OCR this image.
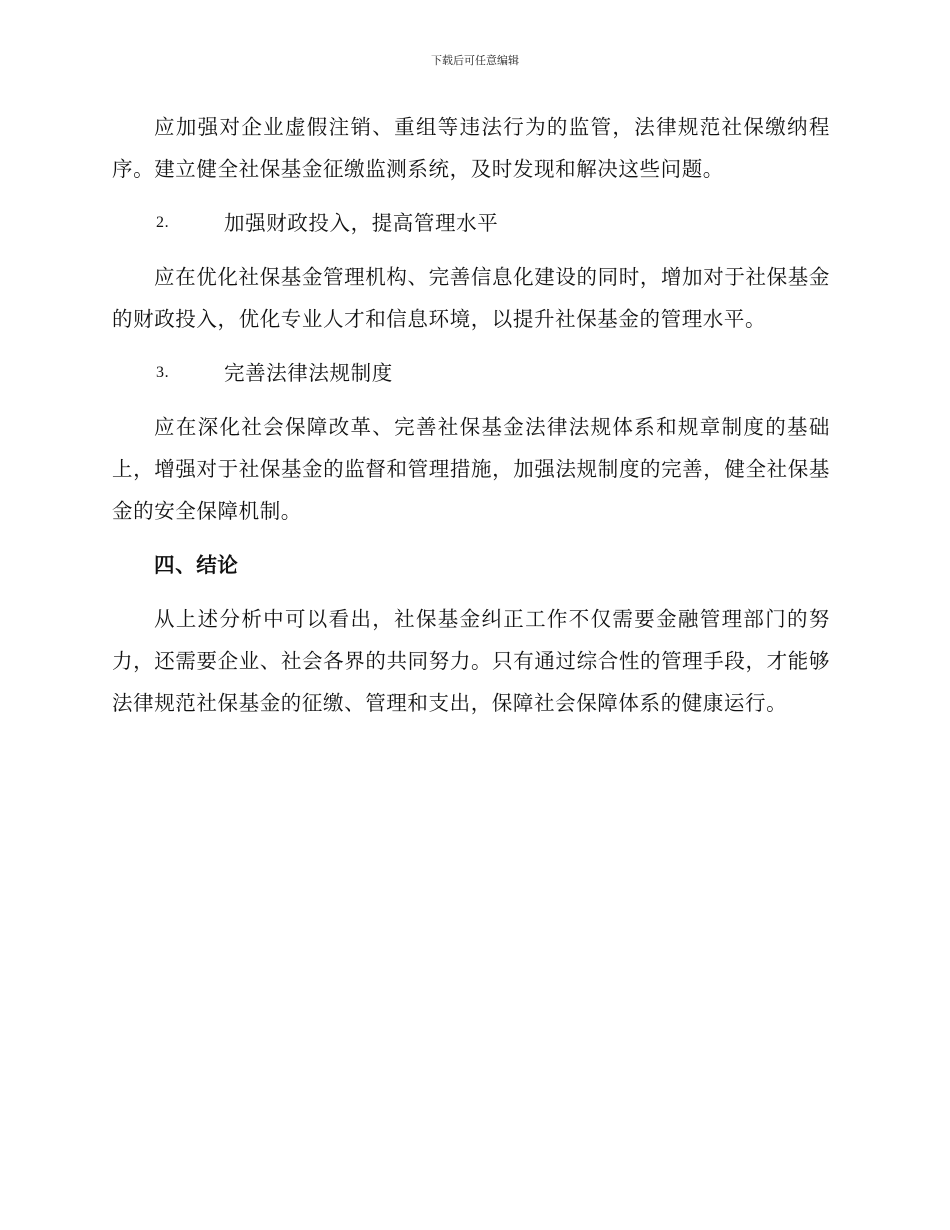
下载后可任意编辑

应加强对企业虚假注销、重组等违法行为的监管，法律规范社保缴纳程序。建立健全社保基金征缴监测系统，及时发现和解决这些问题。

2.	加强财政投入，提高管理水平

应在优化社保基金管理机构、完善信息化建设的同时，增加对于社保基金的财政投入，优化专业人才和信息环境，以提升社保基金的管理水平。

3.	完善法律法规制度

应在深化社会保障改革、完善社保基金法律法规体系和规章制度的基础上，增强对于社保基金的监督和管理措施，加强法规制度的完善，健全社保基金的安全保障机制。

四、结论

从上述分析中可以看出，社保基金纠正工作不仅需要金融管理部门的努力，还需要企业、社会各界的共同努力。只有通过综合性的管理手段，才能够法律规范社保基金的征缴、管理和支出，保障社会保障体系的健康运行。
